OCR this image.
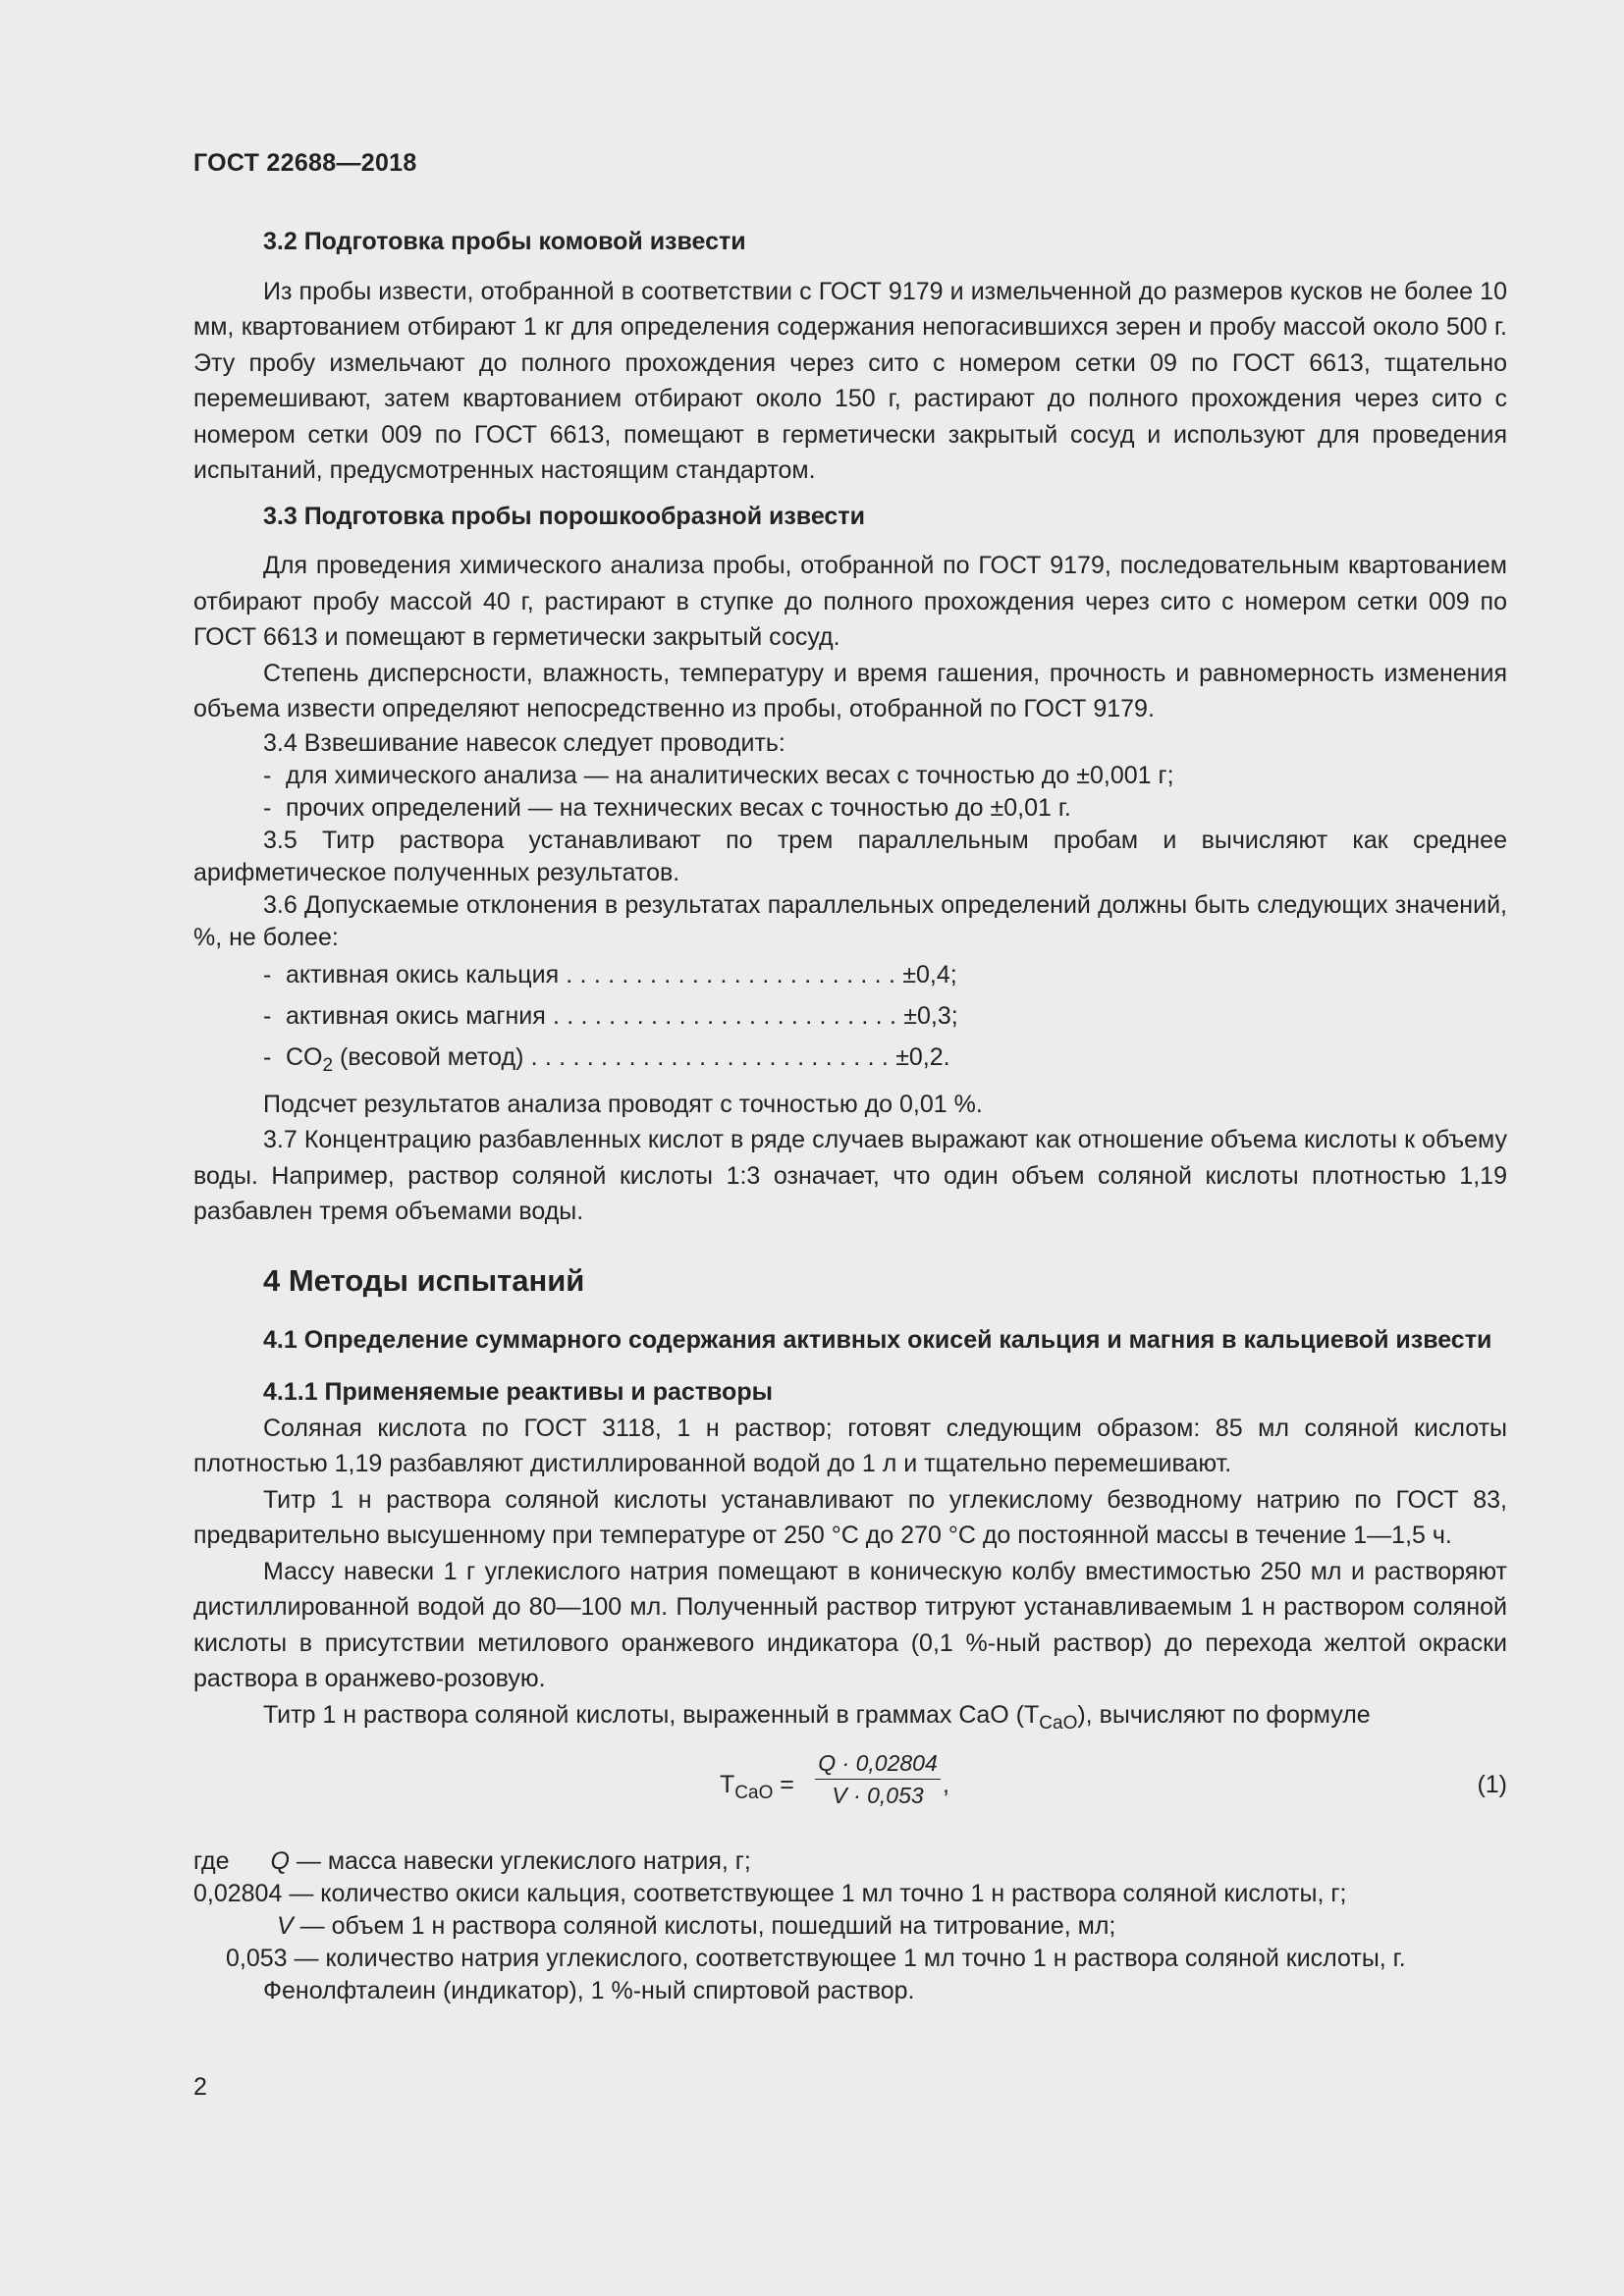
ГОСТ 22688—2018
3.2 Подготовка пробы комовой извести

Из пробы извести, отобранной в соответствии с ГОСТ 9179 и измельченной до размеров кусков не более 10 мм, квартованием отбирают 1 кг для определения содержания непогасившихся зерен и пробу массой около 500 г. Эту пробу измельчают до полного прохождения через сито с номером сетки 09 по ГОСТ 6613, тщательно перемешивают, затем квартованием отбирают около 150 г, растирают до полного прохождения через сито с номером сетки 009 по ГОСТ 6613, помещают в герметически закрытый сосуд и используют для проведения испытаний, предусмотренных настоящим стандартом.

3.3 Подготовка пробы порошкообразной извести

Для проведения химического анализа пробы, отобранной по ГОСТ 9179, последовательным квартованием отбирают пробу массой 40 г, растирают в ступке до полного прохождения через сито с номером сетки 009 по ГОСТ 6613 и помещают в герметически закрытый сосуд.

Степень дисперсности, влажность, температуру и время гашения, прочность и равномерность изменения объема извести определяют непосредственно из пробы, отобранной по ГОСТ 9179.

3.4 Взвешивание навесок следует проводить:

- для химического анализа — на аналитических весах с точностью до ±0,001 г;

- прочих определений — на технических весах с точностью до ±0,01 г.

3.5 Титр раствора устанавливают по трем параллельным пробам и вычисляют как среднее арифметическое полученных результатов.

3.6 Допускаемые отклонения в результатах параллельных определений должны быть следующих значений, %, не более:

- активная окись кальция . . . . . . . . . . . . . . . . . . . . . . . . ±0,4;

- активная окись магния . . . . . . . . . . . . . . . . . . . . . . . . . ±0,3;

- $CO_2$ (весовой метод) . . . . . . . . . . . . . . . . . . . . . . . . . . ±0,2.

Подсчет результатов анализа проводят с точностью до 0,01 %.

3.7 Концентрацию разбавленных кислот в ряде случаев выражают как отношение объема кислоты к объему воды. Например, раствор соляной кислоты 1:3 означает, что один объем соляной кислоты плотностью 1,19 разбавлен тремя объемами воды.

4 Методы испытаний
4.1 Определение суммарного содержания активных окисей кальция и магния в кальциевой извести
4.1.1 Применяемые реактивы и растворы

Соляная кислота по ГОСТ 3118, 1 н раствор; готовят следующим образом: 85 мл соляной кислоты плотностью 1,19 разбавляют дистиллированной водой до 1 л и тщательно перемешивают.

Титр 1 н раствора соляной кислоты устанавливают по углекислому безводному натрию по ГОСТ 83, предварительно высушенному при температуре от 250 °С до 270 °С до постоянной массы в течение 1—1,5 ч.

Массу навески 1 г углекислого натрия помещают в коническую колбу вместимостью 250 мл и растворяют дистиллированной водой до 80—100 мл. Полученный раствор титруют устанавливаемым 1 н раствором соляной кислоты в присутствии метилового оранжевого индикатора (0,1 %-ный раствор) до перехода желтой окраски раствора в оранжево-розовую.

Титр 1 н раствора соляной кислоты, выраженный в граммах CaO $(T_{CaO})$, вычисляют по формуле

$T_{CaO} = \frac{Q \cdot 0,02804}{V \cdot 0,053}$ ,	(1)
где Q — масса навески углекислого натрия, г;
0,02804 — количество окиси кальция, соответствующее 1 мл точно 1 н раствора соляной кислоты, г;
V — объем 1 н раствора соляной кислоты, пошедший на титрование, мл;
0,053 — количество натрия углекислого, соответствующее 1 мл точно 1 н раствора соляной кислоты, г.

Фенолфталеин (индикатор), 1 %-ный спиртовой раствор.

2
